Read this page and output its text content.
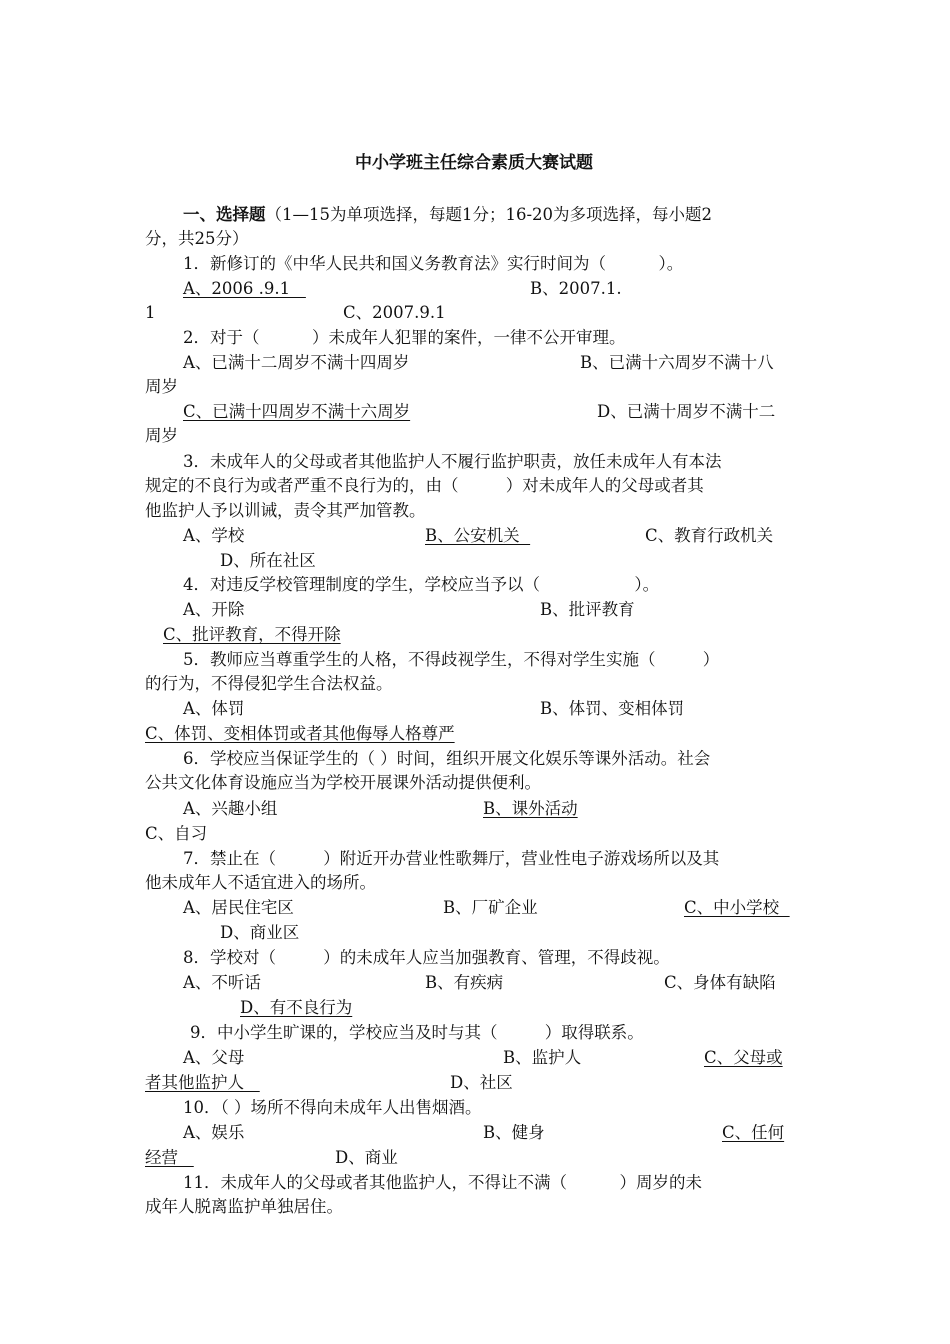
中小学班主任综合素质大赛试题
一、选择题（1—15为单项选择，每题1分；16-20为多项选择，每小题2
分，共25分）
1．新修订的《中华人民共和国义务教育法》实行时间为（          ）。
A、2006 .9.1	B、2007.1.
1	C、2007.9.1
2．对于（          ）未成年人犯罪的案件，一律不公开审理。
A、已满十二周岁不满十四周岁	B、已满十六周岁不满十八
周岁
C、已满十四周岁不满十六周岁	D、已满十周岁不满十二
周岁
3．未成年人的父母或者其他监护人不履行监护职责，放任未成年人有本法
规定的不良行为或者严重不良行为的，由（         ）对未成年人的父母或者其
他监护人予以训诫，责令其严加管教。
A、学校	B、公安机关	C、教育行政机关
D、所在社区
4．对违反学校管理制度的学生，学校应当予以（                  ）。
A、开除	B、批评教育
C、批评教育，不得开除
5．教师应当尊重学生的人格，不得歧视学生，不得对学生实施（         ）
的行为，不得侵犯学生合法权益。
A、体罚	B、体罚、变相体罚
C、体罚、变相体罚或者其他侮辱人格尊严
6．学校应当保证学生的（ ）时间，组织开展文化娱乐等课外活动。社会
公共文化体育设施应当为学校开展课外活动提供便利。
A、兴趣小组	B、课外活动
C、自习
7．禁止在（         ）附近开办营业性歌舞厅，营业性电子游戏场所以及其
他未成年人不适宜进入的场所。
A、居民住宅区	B、厂矿企业	C、中小学校
D、商业区
8．学校对（         ）的未成年人应当加强教育、管理，不得歧视。
A、不听话	B、有疾病	C、身体有缺陷
D、有不良行为
9．中小学生旷课的，学校应当及时与其（         ）取得联系。
A、父母	B、监护人	C、父母或
者其他监护人	D、社区
10．（ ）场所不得向未成年人出售烟酒。
A、娱乐	B、健身	C、任何
经营	D、商业
11．未成年人的父母或者其他监护人，不得让不满（          ）周岁的未
成年人脱离监护单独居住。
